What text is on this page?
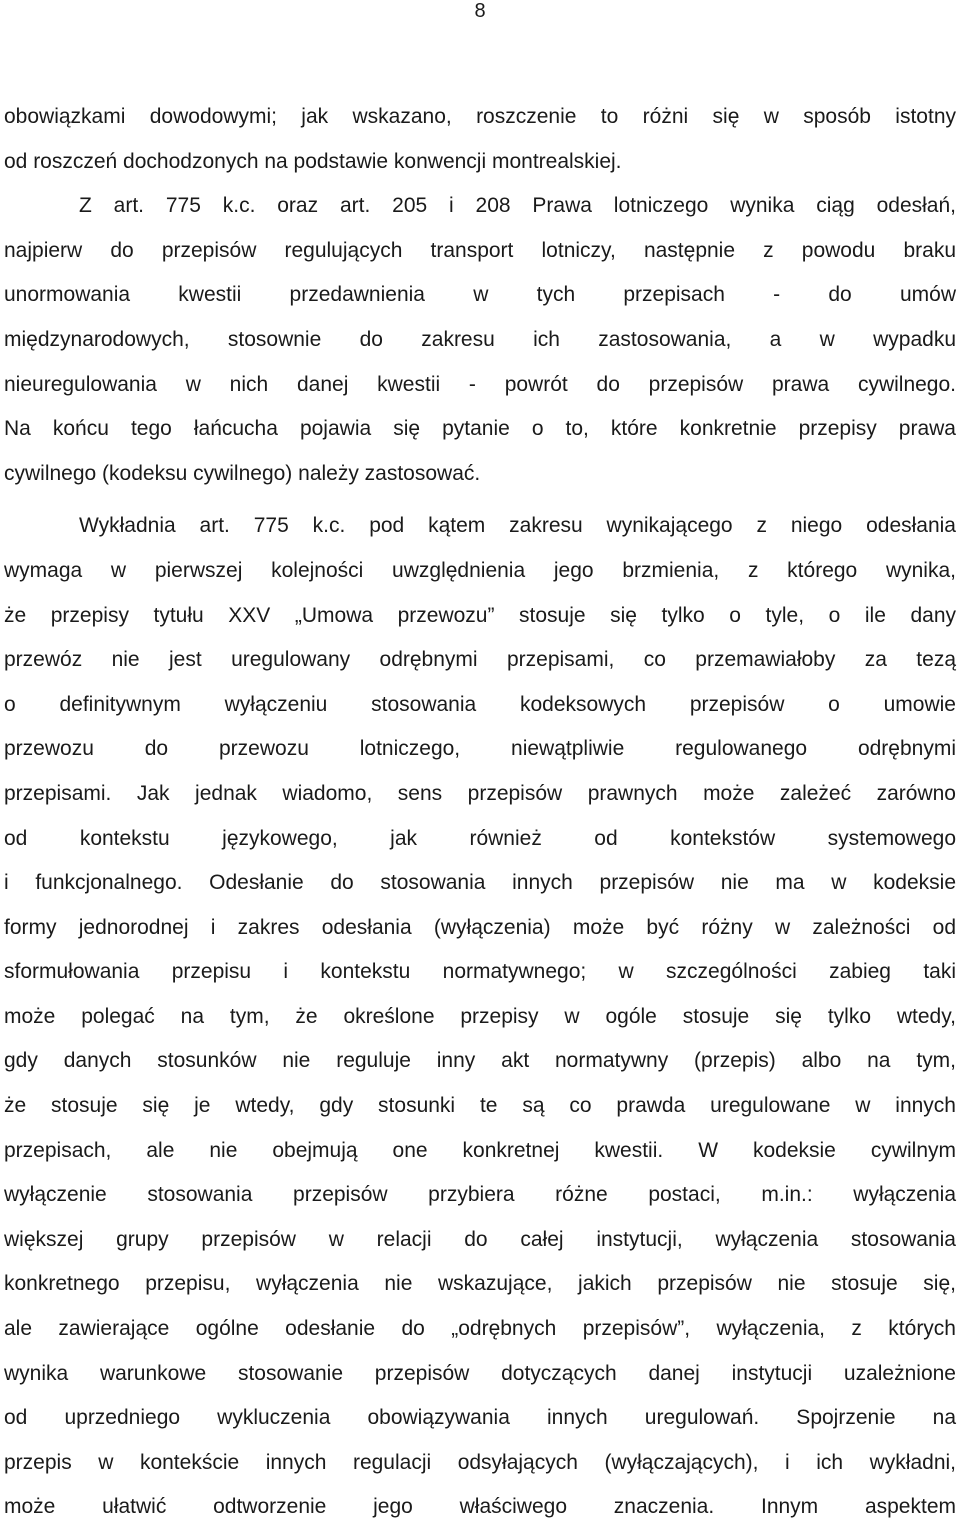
8
obowiązkami dowodowymi; jak wskazano, roszczenie to różni się w sposób istotny
od roszczeń dochodzonych na podstawie konwencji montrealskiej.
Z art. 775 k.c. oraz art. 205 i 208 Prawa lotniczego wynika ciąg odesłań,
najpierw do przepisów regulujących transport lotniczy, następnie z powodu braku
unormowania kwestii przedawnienia w tych przepisach - do umów
międzynarodowych, stosownie do zakresu ich zastosowania, a w wypadku
nieuregulowania w nich danej kwestii - powrót do przepisów prawa cywilnego.
Na końcu tego łańcucha pojawia się pytanie o to, które konkretnie przepisy prawa
cywilnego (kodeksu cywilnego) należy zastosować.
Wykładnia art. 775 k.c. pod kątem zakresu wynikającego z niego odesłania
wymaga w pierwszej kolejności uwzględnienia jego brzmienia, z którego wynika,
że przepisy tytułu XXV „Umowa przewozu” stosuje się tylko o tyle, o ile dany
przewóz nie jest uregulowany odrębnymi przepisami, co przemawiałoby za tezą
o definitywnym wyłączeniu stosowania kodeksowych przepisów o umowie
przewozu do przewozu lotniczego, niewątpliwie regulowanego odrębnymi
przepisami. Jak jednak wiadomo, sens przepisów prawnych może zależeć zarówno
od kontekstu językowego, jak również od kontekstów systemowego
i funkcjonalnego. Odesłanie do stosowania innych przepisów nie ma w kodeksie
formy jednorodnej i zakres odesłania (wyłączenia) może być różny w zależności od
sformułowania przepisu i kontekstu normatywnego; w szczególności zabieg taki
może polegać na tym, że określone przepisy w ogóle stosuje się tylko wtedy,
gdy danych stosunków nie reguluje inny akt normatywny (przepis) albo na tym,
że stosuje się je wtedy, gdy stosunki te są co prawda uregulowane w innych
przepisach, ale nie obejmują one konkretnej kwestii. W kodeksie cywilnym
wyłączenie stosowania przepisów przybiera różne postaci, m.in.: wyłączenia
większej grupy przepisów w relacji do całej instytucji, wyłączenia stosowania
konkretnego przepisu, wyłączenia nie wskazujące, jakich przepisów nie stosuje się,
ale zawierające ogólne odesłanie do „odrębnych przepisów”, wyłączenia, z których
wynika warunkowe stosowanie przepisów dotyczących danej instytucji uzależnione
od uprzedniego wykluczenia obowiązywania innych uregulowań. Spojrzenie na
przepis w kontekście innych regulacji odsyłających (wyłączających), i ich wykładni,
może ułatwić odtworzenie jego właściwego znaczenia. Innym aspektem
